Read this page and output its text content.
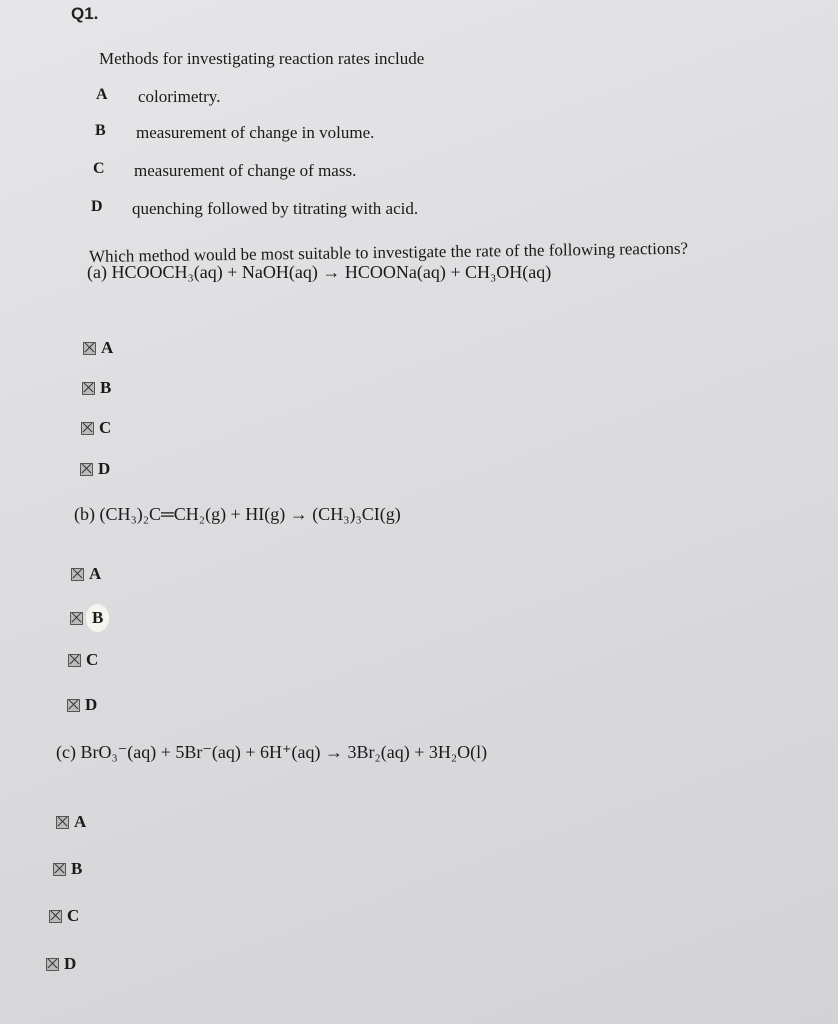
Q1.
Methods for investigating reaction rates include
A colorimetry.
B measurement of change in volume.
C measurement of change of mass.
D quenching followed by titrating with acid.
Which method would be most suitable to investigate the rate of the following reactions?
(a) HCOOCH₃(aq) + NaOH(aq) → HCOONa(aq) + CH₃OH(aq)
A
B
C
D
(b) (CH₃)₂C═CH₂(g) + HI(g) → (CH₃)₃CI(g)
A
B
C
D
(c) BrO₃⁻(aq) + 5Br⁻(aq) + 6H⁺(aq) → 3Br₂(aq) + 3H₂O(l)
A
B
C
D
